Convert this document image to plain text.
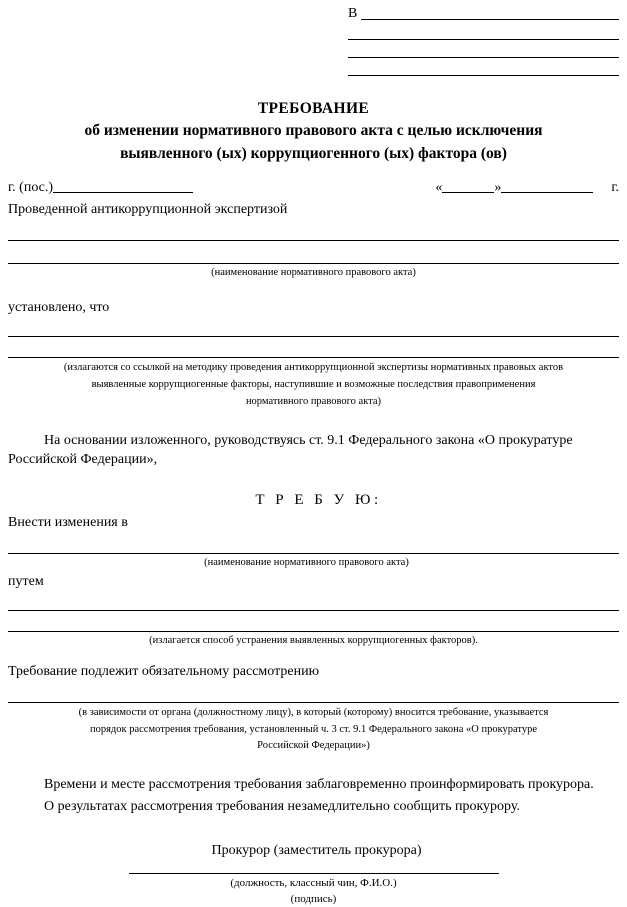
В
ТРЕБОВАНИЕ
об изменении нормативного правового акта с целью исключения
выявленного (ых) коррупциогенного (ых) фактора (ов)
г. (пос.)	«	»	г.
Проведенной антикоррупционной экспертизой
(наименование нормативного правового акта)
установлено, что
(излагаются со ссылкой на методику проведения антикоррупционной экспертизы нормативных правовых актов
выявленные коррупциогенные факторы, наступившие и возможные последствия правоприменения
нормативного правового акта)

На основании изложенного, руководствуясь ст. 9.1 Федерального закона «О прокуратуре Российской Федерации»,

Т Р Е Б У Ю:
Внести изменения в
(наименование нормативного правового акта)
путем
(излагается способ устранения выявленных коррупциогенных факторов).
Требование подлежит обязательному рассмотрению
(в зависимости от органа (должностному лицу), в который (которому) вносится требование, указывается
порядок рассмотрения требования, установленный ч. 3 ст. 9.1 Федерального закона «О прокуратуре
Российской Федерации»)

Времени и месте рассмотрения требования заблаговременно проинформировать прокурора.

О результатах рассмотрения требования незамедлительно сообщить прокурору.

Прокурор (заместитель прокурора)
(должность, классный чин, Ф.И.О.)
(подпись)
